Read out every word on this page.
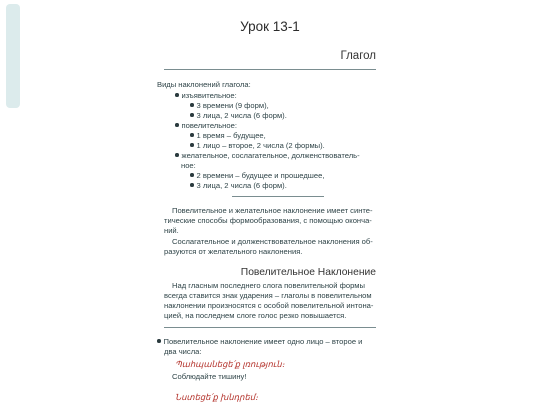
Урок 13-1
Глагол
Виды наклонений глагола:
изъявительное:
3 времени (9 форм),
3 лица, 2 числа (6 форм).
повелительное:
1 время – будущее,
1 лицо – второе, 2 числа (2 формы).
желательное, сослагательное, долженствователь-
ное:
2 времени – будущее и прошедшее,
3 лица, 2 числа (6 форм).
Повелительное и желательное наклонение имеет синте-
тические способы формообразования, с помощью оконча-
ний.
Сослагательное и долженствовательное наклонения об-
разуются от желательного наклонения.
Повелительное Наклонение
Над гласным последнего слога повелительной формы
всегда ставится знак ударения – глаголы в повелительном
наклонении произносятся с особой повелительной интона-
цией, на последнем слоге голос резко повышается.
Повелительное наклонение имеет одно лицо – второе и
два числа:
Պահպանեցե՛ք լռություն։
Соблюдайте тишину!
Նստեցե՛ք խնդրեմ։
